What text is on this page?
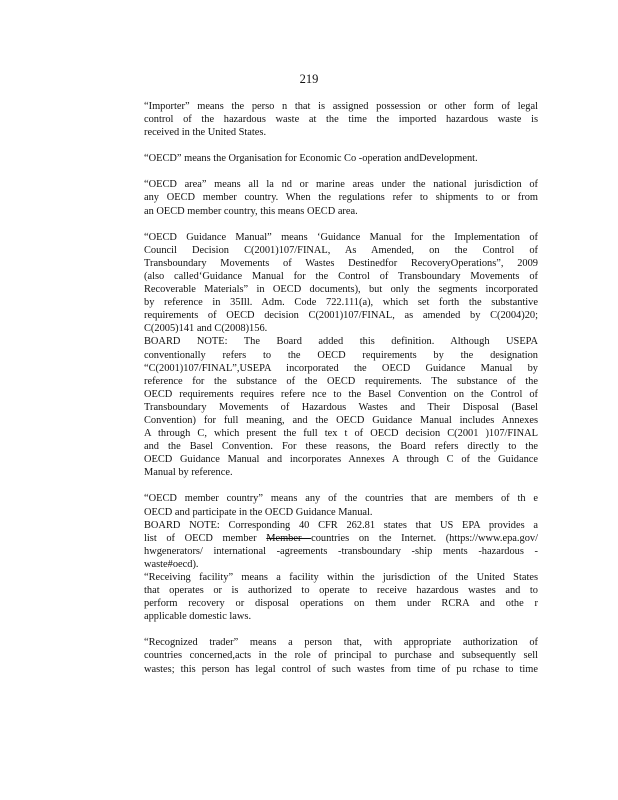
219
“Importer” means the perso n that is assigned possession or other form of legal
control of the hazardous waste at the time the imported hazardous waste is
received in the United States.
“OECD” means the Organisation for Economic Co -operation andDevelopment.
“OECD area” means all la nd or marine areas under the national jurisdiction of
any OECD member country. When the regulations refer to shipments to or from
an OECD member country, this means OECD area.
“OECD Guidance Manual” means ‘Guidance Manual for the Implementation of
Council Decision C(2001)107/FINAL, As Amended, on the Control of
Transboundary Movements of Wastes Destinedfor RecoveryOperations”, 2009
(also called‘Guidance Manual for the Control of Transboundary Movements of
Recoverable Materials” in OECD documents), but only the segments incorporated
by reference in 35Ill. Adm. Code 722.111(a), which set forth the substantive
requirements of OECD decision C(2001)107/FINAL, as amended by C(2004)20;
C(2005)141 and C(2008)156.
BOARD NOTE: The Board added this definition. Although USEPA
conventionally refers to the OECD requirements by the designation
“C(2001)107/FINAL”,USEPA incorporated the OECD Guidance Manual by
reference for the substance of the OECD requirements. The substance of the
OECD requirements requires refere nce to the Basel Convention on the Control of
Transboundary Movements of Hazardous Wastes and Their Disposal (Basel
Convention) for full meaning, and the OECD Guidance Manual includes Annexes
A through C, which present the full tex t of OECD decision C(2001 )107/FINAL
and the Basel Convention. For these reasons, the Board refers directly to the
OECD Guidance Manual and incorporates Annexes A through C of the Guidance
Manual by reference.
“OECD member country” means any of the countries that are members of th e
OECD and participate in the OECD Guidance Manual.
BOARD NOTE: Corresponding 40 CFR 262.81 states that US EPA provides a
list of OECD member Member countries on the Internet. (https://www.epa.gov/
hwgenerators/ international -agreements -transboundary -ship ments -hazardous -
waste#oecd).
“Receiving facility” means a facility within the jurisdiction of the United States
that operates or is authorized to operate to receive hazardous wastes and to
perform recovery or disposal operations on them under RCRA and othe r
applicable domestic laws.
“Recognized trader” means a person that, with appropriate authorization of
countries concerned,acts in the role of principal to purchase and subsequently sell
wastes; this person has legal control of such wastes from time of pu rchase to time
